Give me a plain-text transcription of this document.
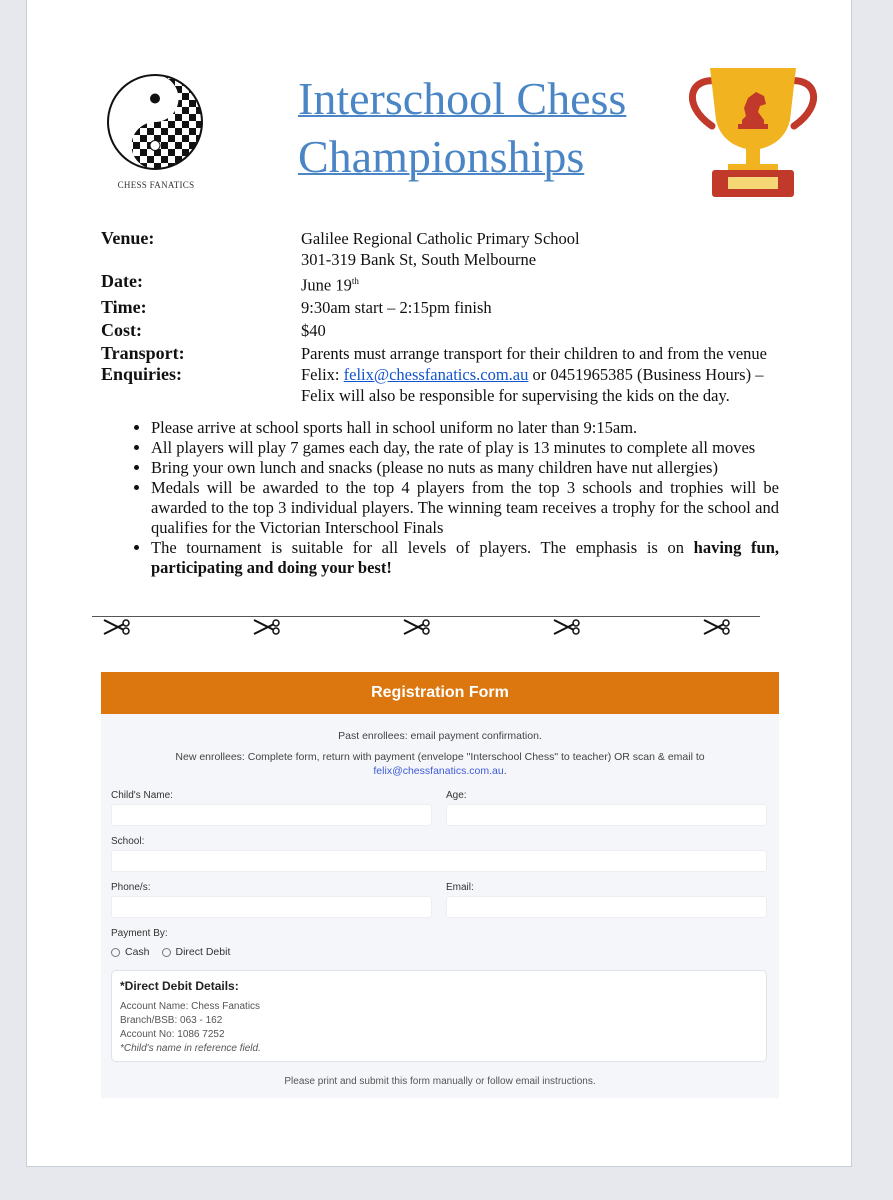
CHESS FANATICS
Interschool Chess
Championships
Venue:	Galilee Regional Catholic Primary School
301-319 Bank St, South Melbourne
Date:	June 19th
Time:	9:30am start – 2:15pm finish
Cost:	$40
Transport:	Parents must arrange transport for their children to and from the venue
Enquiries:	Felix: felix@chessfanatics.com.au or 0451965385 (Business Hours) –
Felix will also be responsible for supervising the kids on the day.
• Please arrive at school sports hall in school uniform no later than 9:15am.
• All players will play 7 games each day, the rate of play is 13 minutes to complete all moves
• Bring your own lunch and snacks (please no nuts as many children have nut allergies)
• Medals will be awarded to the top 4 players from the top 3 schools and trophies will be awarded to the top 3 individual players. The winning team receives a trophy for the school and qualifies for the Victorian Interschool Finals
• The tournament is suitable for all levels of players. The emphasis is on having fun, participating and doing your best!
Registration Form
Past enrollees: email payment confirmation.
New enrollees: Complete form, return with payment (envelope "Interschool Chess" to teacher) OR scan & email to
felix@chessfanatics.com.au.
Child's Name:	Age:
School:
Phone/s:	Email:
Payment By:
Cash Direct Debit
*Direct Debit Details:
Account Name: Chess Fanatics
Branch/BSB: 063 - 162
Account No: 1086 7252
*Child's name in reference field.
Please print and submit this form manually or follow email instructions.
